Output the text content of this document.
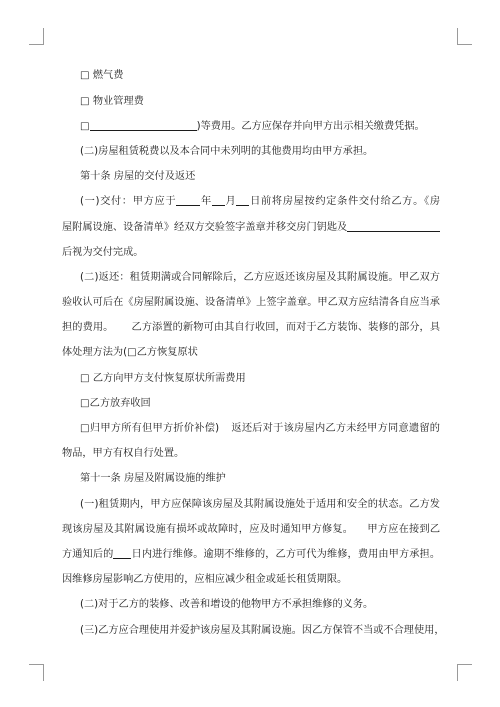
□ 燃气费
□ 物业管理费
□	)等费用。乙方应保存并向甲方出示相关缴费凭据。
(二)房屋租赁税费以及本合同中未列明的其他费用均由甲方承担。
第十条 房屋的交付及返还
(一)交付：甲方应于 年 月 日前将房屋按约定条件交付给乙方。《房
屋附属设施、设备清单》经双方交验签字盖章并移交房门钥匙及
后视为交付完成。
(二)返还：租赁期满或合同解除后，乙方应返还该房屋及其附属设施。甲乙双方
验收认可后在《房屋附属设施、设备清单》上签字盖章。甲乙双方应结清各自应当承
担的费用。 乙方添置的新物可由其自行收回，而对于乙方装饰、装修的部分，具
体处理方法为(□乙方恢复原状
□ 乙方向甲方支付恢复原状所需费用
□乙方放弃收回
□归甲方所有但甲方折价补偿) 返还后对于该房屋内乙方未经甲方同意遗留的
物品，甲方有权自行处置。
第十一条 房屋及附属设施的维护
(一)租赁期内，甲方应保障该房屋及其附属设施处于适用和安全的状态。乙方发
现该房屋及其附属设施有损坏或故障时，应及时通知甲方修复。 甲方应在接到乙
方通知后的 日内进行维修。逾期不维修的，乙方可代为维修，费用由甲方承担。
因维修房屋影响乙方使用的，应相应减少租金或延长租赁期限。
(二)对于乙方的装修、改善和增设的他物甲方不承担维修的义务。
(三)乙方应合理使用并爱护该房屋及其附属设施。因乙方保管不当或不合理使用，
